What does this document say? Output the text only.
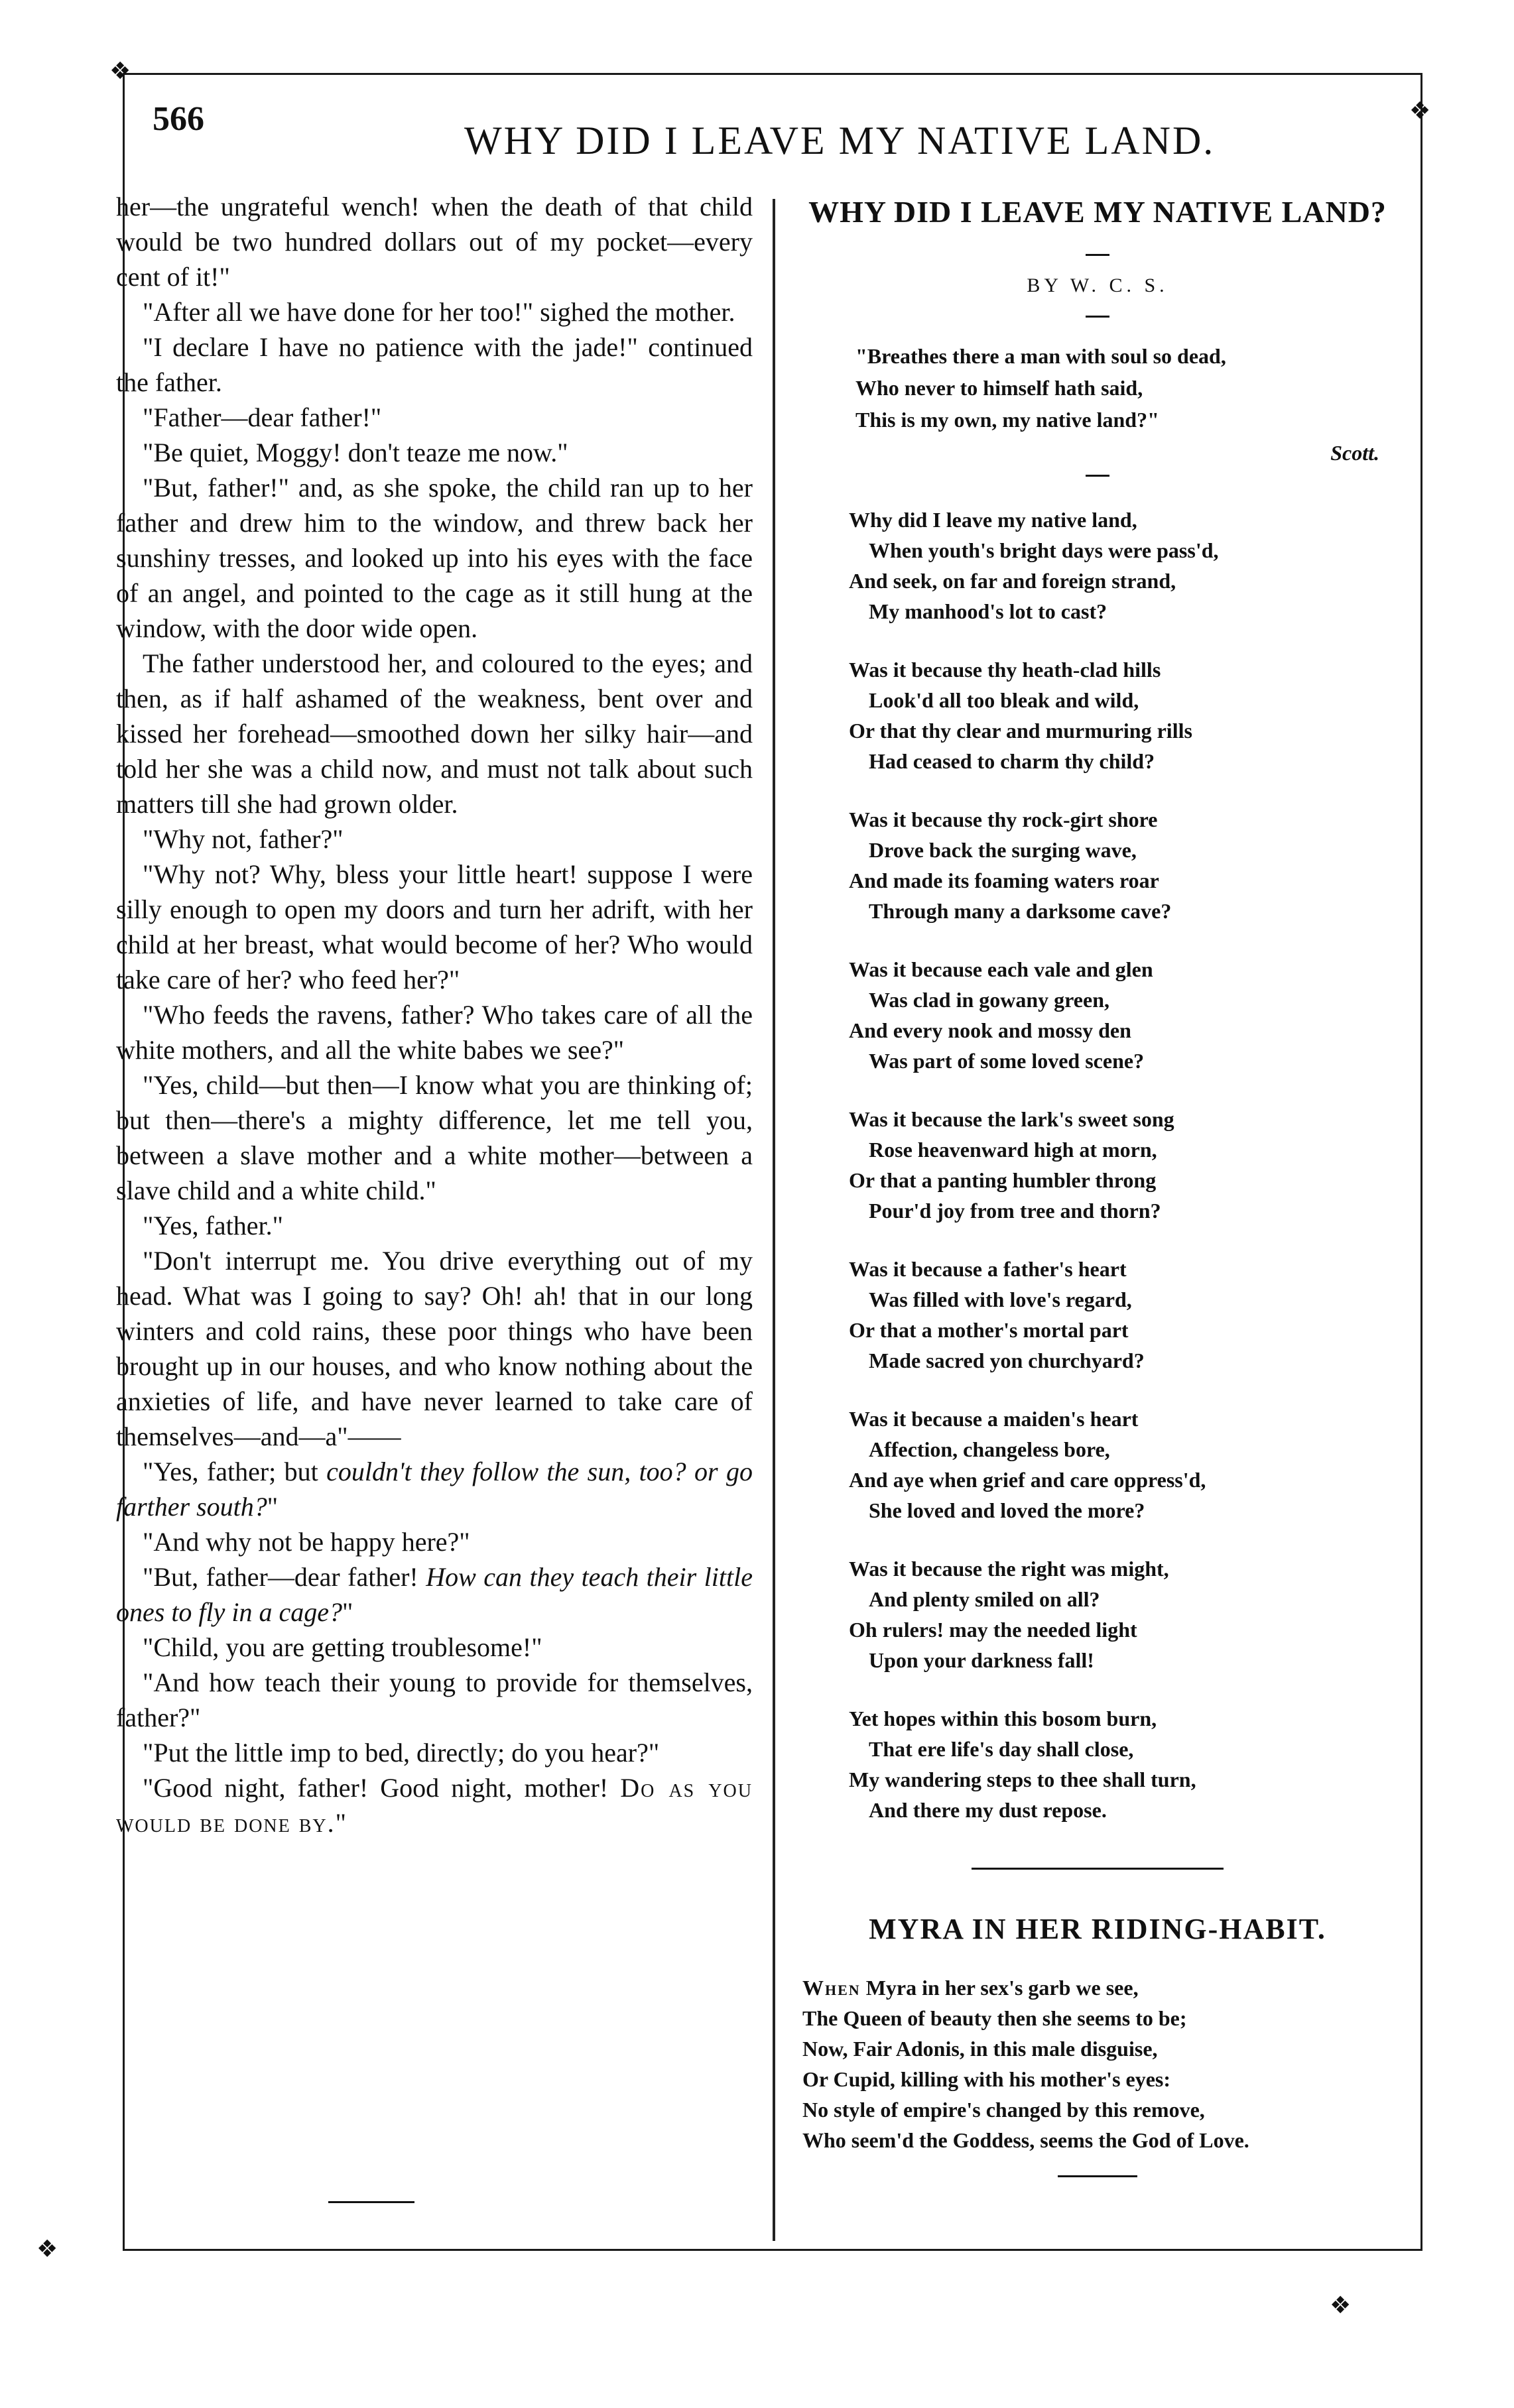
❖
❖
❖
❖
566	WHY DID I LEAVE MY NATIVE LAND.

her—the ungrateful wench! when the death of that child would be two hundred dollars out of my pocket—every cent of it!"

"After all we have done for her too!" sighed the mother.

"I declare I have no patience with the jade!" continued the father.

"Father—dear father!"

"Be quiet, Moggy! don't teaze me now."

"But, father!" and, as she spoke, the child ran up to her father and drew him to the window, and threw back her sunshiny tresses, and looked up into his eyes with the face of an angel, and pointed to the cage as it still hung at the window, with the door wide open.

The father understood her, and coloured to the eyes; and then, as if half ashamed of the weakness, bent over and kissed her forehead—smoothed down her silky hair—and told her she was a child now, and must not talk about such matters till she had grown older.

"Why not, father?"

"Why not? Why, bless your little heart! suppose I were silly enough to open my doors and turn her adrift, with her child at her breast, what would become of her? Who would take care of her? who feed her?"

"Who feeds the ravens, father? Who takes care of all the white mothers, and all the white babes we see?"

"Yes, child—but then—I know what you are thinking of; but then—there's a mighty difference, let me tell you, between a slave mother and a white mother—between a slave child and a white child."

"Yes, father."

"Don't interrupt me. You drive everything out of my head. What was I going to say? Oh! ah! that in our long winters and cold rains, these poor things who have been brought up in our houses, and who know nothing about the anxieties of life, and have never learned to take care of themselves—and—a"——

"Yes, father; but couldn't they follow the sun, too? or go farther south?"

"And why not be happy here?"

"But, father—dear father! How can they teach their little ones to fly in a cage?"

"Child, you are getting troublesome!"

"And how teach their young to provide for themselves, father?"

"Put the little imp to bed, directly; do you hear?"

"Good night, father! Good night, mother! Do as you would be done by."

WHY DID I LEAVE MY NATIVE LAND?

BY W. C. S.

"Breathes there a man with soul so dead,
Who never to himself hath said,
This is my own, my native land?"
Scott.
Why did I leave my native land,
When youth's bright days were pass'd,
And seek, on far and foreign strand,
My manhood's lot to cast?
Was it because thy heath-clad hills
Look'd all too bleak and wild,
Or that thy clear and murmuring rills
Had ceased to charm thy child?
Was it because thy rock-girt shore
Drove back the surging wave,
And made its foaming waters roar
Through many a darksome cave?
Was it because each vale and glen
Was clad in gowany green,
And every nook and mossy den
Was part of some loved scene?
Was it because the lark's sweet song
Rose heavenward high at morn,
Or that a panting humbler throng
Pour'd joy from tree and thorn?
Was it because a father's heart
Was filled with love's regard,
Or that a mother's mortal part
Made sacred yon churchyard?
Was it because a maiden's heart
Affection, changeless bore,
And aye when grief and care oppress'd,
She loved and loved the more?
Was it because the right was might,
And plenty smiled on all?
Oh rulers! may the needed light
Upon your darkness fall!
Yet hopes within this bosom burn,
That ere life's day shall close,
My wandering steps to thee shall turn,
And there my dust repose.
MYRA IN HER RIDING-HABIT.
When Myra in her sex's garb we see,
The Queen of beauty then she seems to be;
Now, Fair Adonis, in this male disguise,
Or Cupid, killing with his mother's eyes:
No style of empire's changed by this remove,
Who seem'd the Goddess, seems the God of Love.
